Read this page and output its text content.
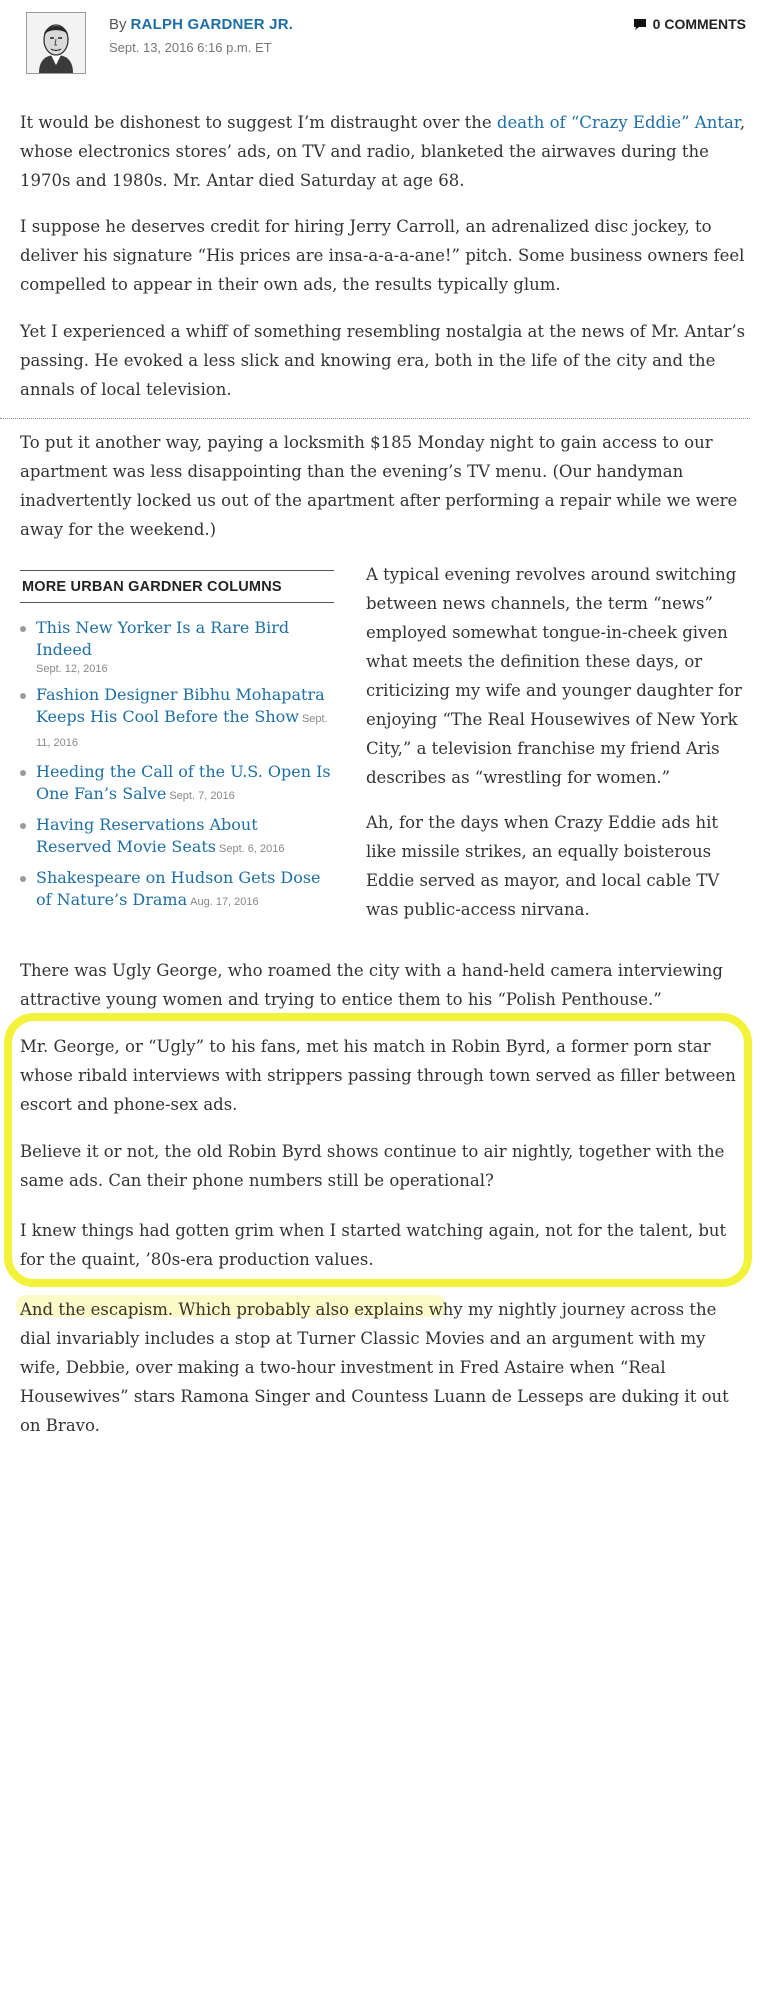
By RALPH GARDNER JR.
Sept. 13, 2016 6:16 p.m. ET
0 COMMENTS

It would be dishonest to suggest I’m distraught over the death of “Crazy Eddie” Antar, whose electronics stores’ ads, on TV and radio, blanketed the airwaves during the 1970s and 1980s. Mr. Antar died Saturday at age 68.

I suppose he deserves credit for hiring Jerry Carroll, an adrenalized disc jockey, to deliver his signature “His prices are insa-a-a-a-ane!” pitch. Some business owners feel compelled to appear in their own ads, the results typically glum.

Yet I experienced a whiff of something resembling nostalgia at the news of Mr. Antar’s passing. He evoked a less slick and knowing era, both in the life of the city and the annals of local television.

To put it another way, paying a locksmith $185 Monday night to gain access to our apartment was less disappointing than the evening’s TV menu. (Our handyman inadvertently locked us out of the apartment after performing a repair while we were away for the weekend.)

MORE URBAN GARDNER COLUMNS
This New Yorker Is a Rare Bird Indeed
Sept. 12, 2016
Fashion Designer Bibhu Mohapatra Keeps His Cool Before the Show Sept. 11, 2016
Heeding the Call of the U.S. Open Is One Fan’s Salve Sept. 7, 2016
Having Reservations About Reserved Movie Seats Sept. 6, 2016
Shakespeare on Hudson Gets Dose of Nature’s Drama Aug. 17, 2016

A typical evening revolves around switching between news channels, the term “news” employed somewhat tongue-in-cheek given what meets the definition these days, or criticizing my wife and younger daughter for enjoying “The Real Housewives of New York City,” a television franchise my friend Aris describes as “wrestling for women.”

Ah, for the days when Crazy Eddie ads hit like missile strikes, an equally boisterous Eddie served as mayor, and local cable TV was public-access nirvana.

There was Ugly George, who roamed the city with a hand-held camera interviewing attractive young women and trying to entice them to his “Polish Penthouse.”

Mr. George, or “Ugly” to his fans, met his match in Robin Byrd, a former porn star whose ribald interviews with strippers passing through town served as filler between escort and phone-sex ads.

Believe it or not, the old Robin Byrd shows continue to air nightly, together with the same ads. Can their phone numbers still be operational?

I knew things had gotten grim when I started watching again, not for the talent, but for the quaint, ’80s-era production values.

And the escapism. Which probably also explains why my nightly journey across the dial invariably includes a stop at Turner Classic Movies and an argument with my wife, Debbie, over making a two-hour investment in Fred Astaire when “Real Housewives” stars Ramona Singer and Countess Luann de Lesseps are duking it out on Bravo.
